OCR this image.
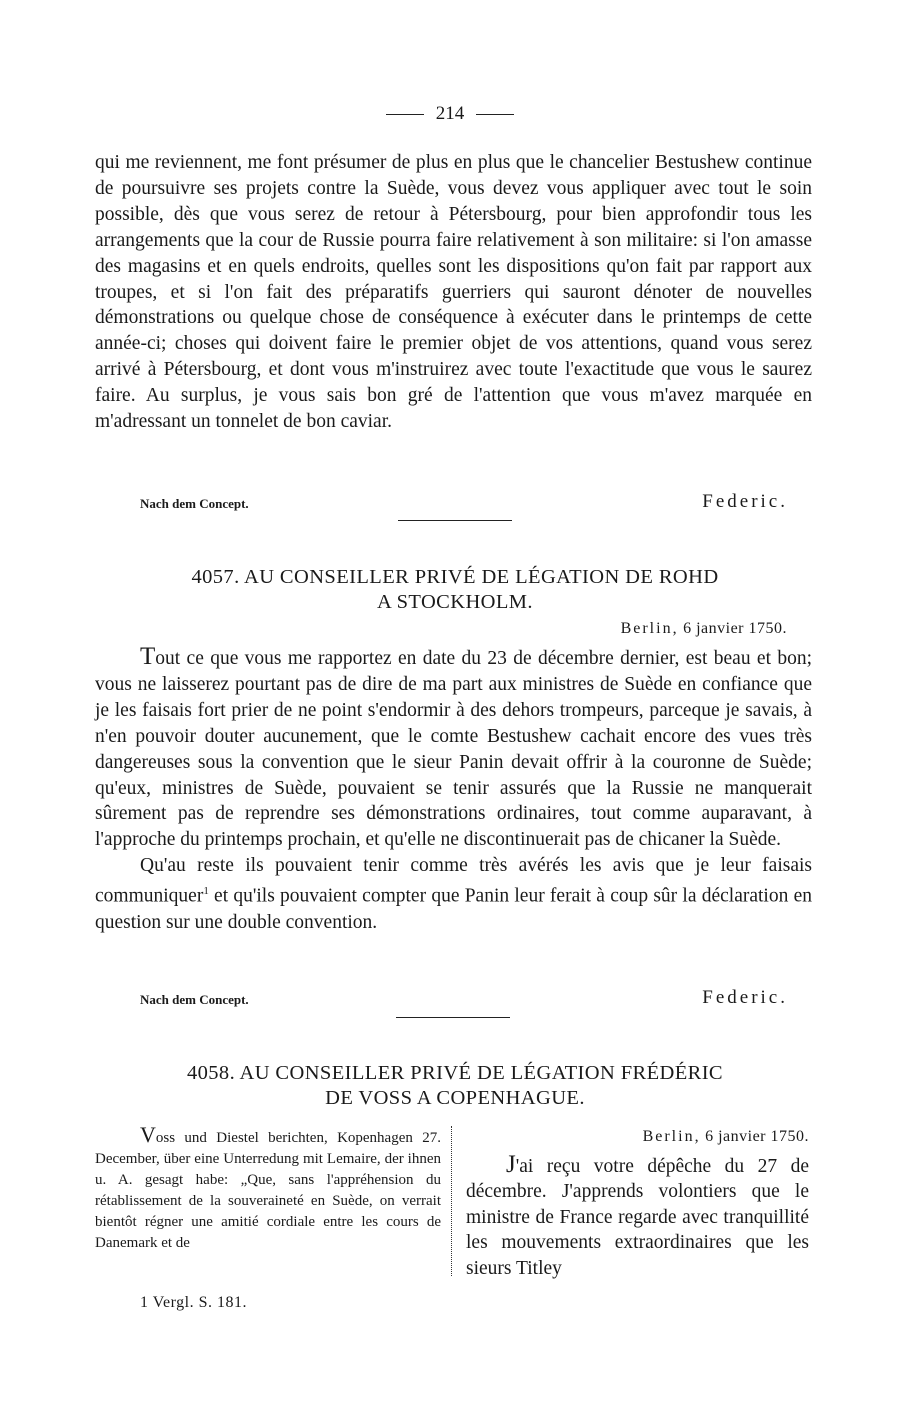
214
qui me reviennent, me font présumer de plus en plus que le chancelier Bestushew continue de poursuivre ses projets contre la Suède, vous devez vous appliquer avec tout le soin possible, dès que vous serez de retour à Pétersbourg, pour bien approfondir tous les arrangements que la cour de Russie pourra faire relativement à son militaire: si l'on amasse des magasins et en quels endroits, quelles sont les dispositions qu'on fait par rapport aux troupes, et si l'on fait des préparatifs guerriers qui sauront dénoter de nouvelles démonstrations ou quelque chose de conséquence à exécuter dans le printemps de cette année-ci; choses qui doivent faire le premier objet de vos attentions, quand vous serez arrivé à Pétersbourg, et dont vous m'instruirez avec toute l'exactitude que vous le saurez faire. Au surplus, je vous sais bon gré de l'attention que vous m'avez marquée en m'adressant un tonnelet de bon caviar.
Nach dem Concept.	Federic.
4057. AU CONSEILLER PRIVÉ DE LÉGATION DE ROHD
A STOCKHOLM.
Berlin, 6 janvier 1750.
Tout ce que vous me rapportez en date du 23 de décembre dernier, est beau et bon; vous ne laisserez pourtant pas de dire de ma part aux ministres de Suède en confiance que je les faisais fort prier de ne point s'endormir à des dehors trompeurs, parceque je savais, à n'en pouvoir douter aucunement, que le comte Bestushew cachait encore des vues très dangereuses sous la convention que le sieur Panin devait offrir à la couronne de Suède; qu'eux, ministres de Suède, pouvaient se tenir assurés que la Russie ne manquerait sûrement pas de reprendre ses démonstrations ordinaires, tout comme auparavant, à l'approche du printemps prochain, et qu'elle ne discontinuerait pas de chicaner la Suède.
Qu'au reste ils pouvaient tenir comme très avérés les avis que je leur faisais communiquer$^1$ et qu'ils pouvaient compter que Panin leur ferait à coup sûr la déclaration en question sur une double convention.
Nach dem Concept.	Federic.
4058. AU CONSEILLER PRIVÉ DE LÉGATION FRÉDÉRIC
DE VOSS A COPENHAGUE.
Voss und Diestel berichten, Kopenhagen 27. December, über eine Unterredung mit Lemaire, der ihnen u. A. gesagt habe: „Que, sans l'appréhension du rétablissement de la souveraineté en Suède, on verrait bientôt régner une amitié cordiale entre les cours de Danemark et de
Berlin, 6 janvier 1750.
J'ai reçu votre dépêche du 27 de décembre. J'apprends volontiers que le ministre de France regarde avec tranquillité les mouvements extraordinaires que les sieurs Titley
1 Vergl. S. 181.
